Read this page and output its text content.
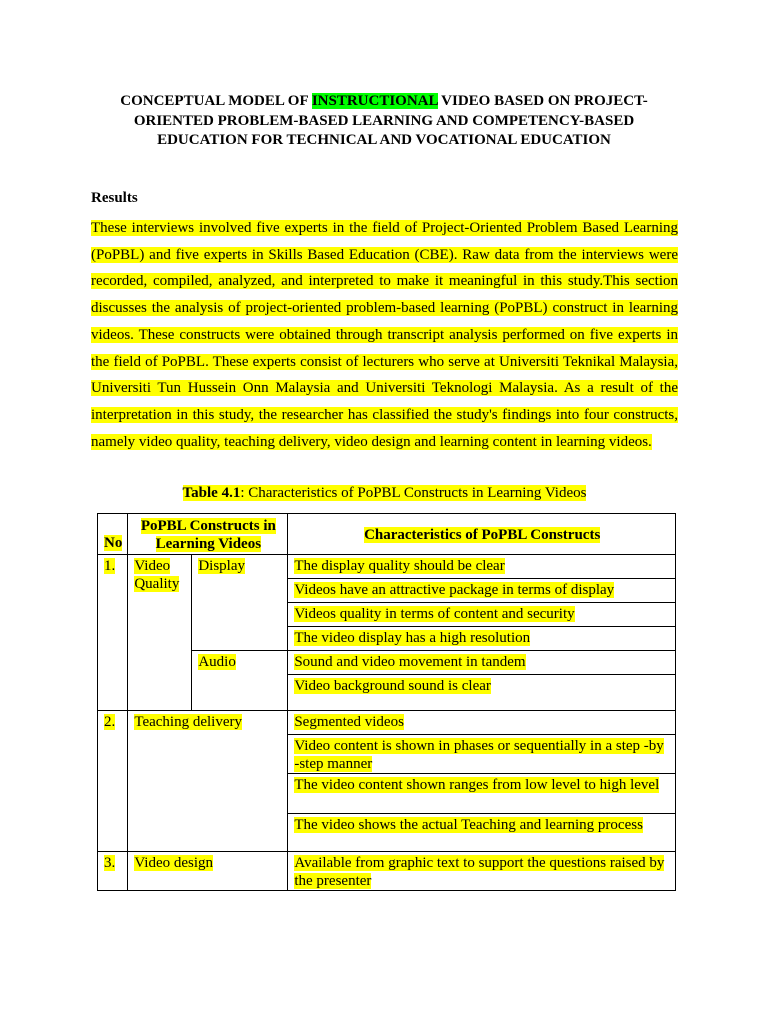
CONCEPTUAL MODEL OF INSTRUCTIONAL VIDEO BASED ON PROJECT-ORIENTED PROBLEM-BASED LEARNING AND COMPETENCY-BASED EDUCATION FOR TECHNICAL AND VOCATIONAL EDUCATION
Results
These interviews involved five experts in the field of Project-Oriented Problem Based Learning (PoPBL) and five experts in Skills Based Education (CBE). Raw data from the interviews were recorded, compiled, analyzed, and interpreted to make it meaningful in this study.This section discusses the analysis of project-oriented problem-based learning (PoPBL) construct in learning videos. These constructs were obtained through transcript analysis performed on five experts in the field of PoPBL. These experts consist of lecturers who serve at Universiti Teknikal Malaysia, Universiti Tun Hussein Onn Malaysia and Universiti Teknologi Malaysia. As a result of the interpretation in this study, the researcher has classified the study's findings into four constructs, namely video quality, teaching delivery, video design and learning content in learning videos.
Table 4.1: Characteristics of PoPBL Constructs in Learning Videos
No	PoPBL Constructs in Learning Videos		Characteristics of PoPBL Constructs
1.	Video Quality	Display	The display quality should be clear
			Videos have an attractive package in terms of display
			Videos quality in terms of content and security
			The video display has a high resolution
		Audio	Sound and video movement in tandem
			Video background sound is clear
2.	Teaching delivery		Segmented videos
			Video content is shown in phases or sequentially in a step -by -step manner
			The video content shown ranges from low level to high level
			The video shows the actual Teaching and learning process
3.	Video design		Available from graphic text to support the questions raised by the presenter
